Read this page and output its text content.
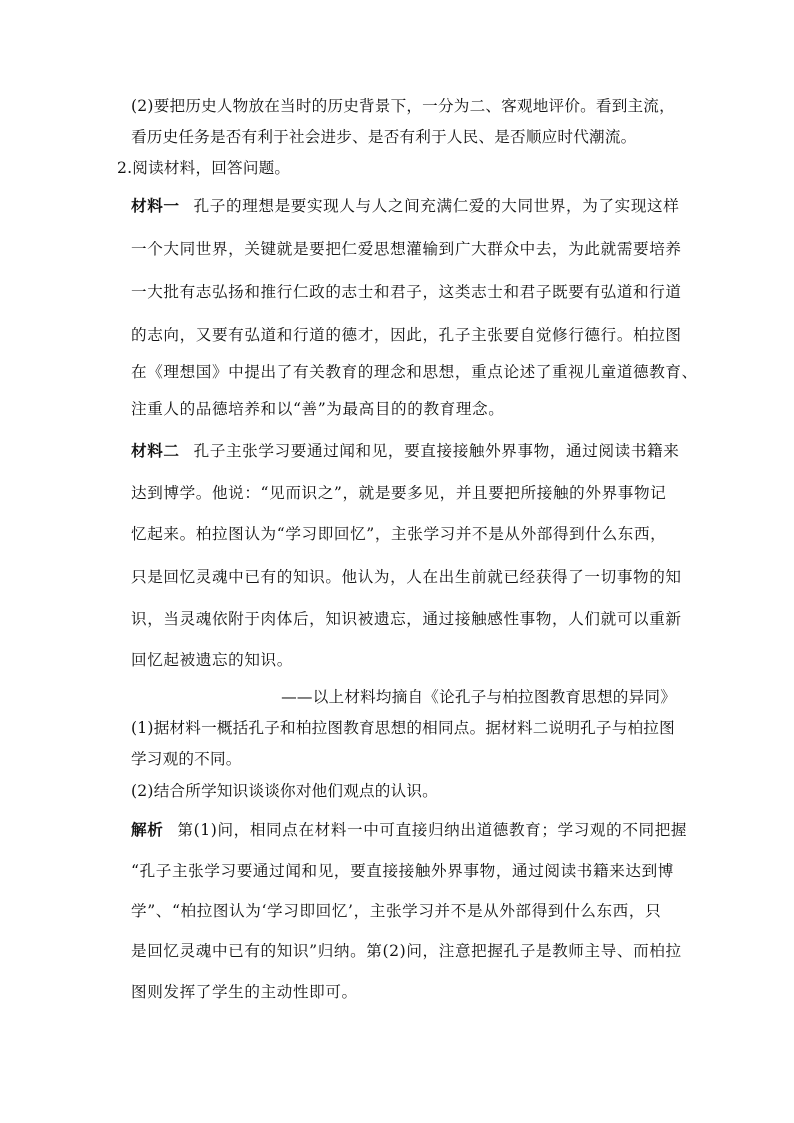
(2)要把历史人物放在当时的历史背景下，一分为二、客观地评价。看到主流，
看历史任务是否有利于社会进步、是否有利于人民、是否顺应时代潮流。
2.阅读材料，回答问题。
材料一 孔子的理想是要实现人与人之间充满仁爱的大同世界，为了实现这样
一个大同世界，关键就是要把仁爱思想灌输到广大群众中去，为此就需要培养
一大批有志弘扬和推行仁政的志士和君子，这类志士和君子既要有弘道和行道
的志向，又要有弘道和行道的德才，因此，孔子主张要自觉修行德行。柏拉图
在《理想国》中提出了有关教育的理念和思想，重点论述了重视儿童道德教育、
注重人的品德培养和以“善”为最高目的的教育理念。
材料二 孔子主张学习要通过闻和见，要直接接触外界事物，通过阅读书籍来
达到博学。他说：“见而识之”，就是要多见，并且要把所接触的外界事物记
忆起来。柏拉图认为“学习即回忆”，主张学习并不是从外部得到什么东西，
只是回忆灵魂中已有的知识。他认为，人在出生前就已经获得了一切事物的知
识，当灵魂依附于肉体后，知识被遗忘，通过接触感性事物，人们就可以重新
回忆起被遗忘的知识。
——以上材料均摘自《论孔子与柏拉图教育思想的异同》
(1)据材料一概括孔子和柏拉图教育思想的相同点。据材料二说明孔子与柏拉图
学习观的不同。
(2)结合所学知识谈谈你对他们观点的认识。
解析 第(1)问，相同点在材料一中可直接归纳出道德教育；学习观的不同把握
“孔子主张学习要通过闻和见，要直接接触外界事物，通过阅读书籍来达到博
学”、“柏拉图认为‘学习即回忆’，主张学习并不是从外部得到什么东西，只
是回忆灵魂中已有的知识”归纳。第(2)问，注意把握孔子是教师主导、而柏拉
图则发挥了学生的主动性即可。
